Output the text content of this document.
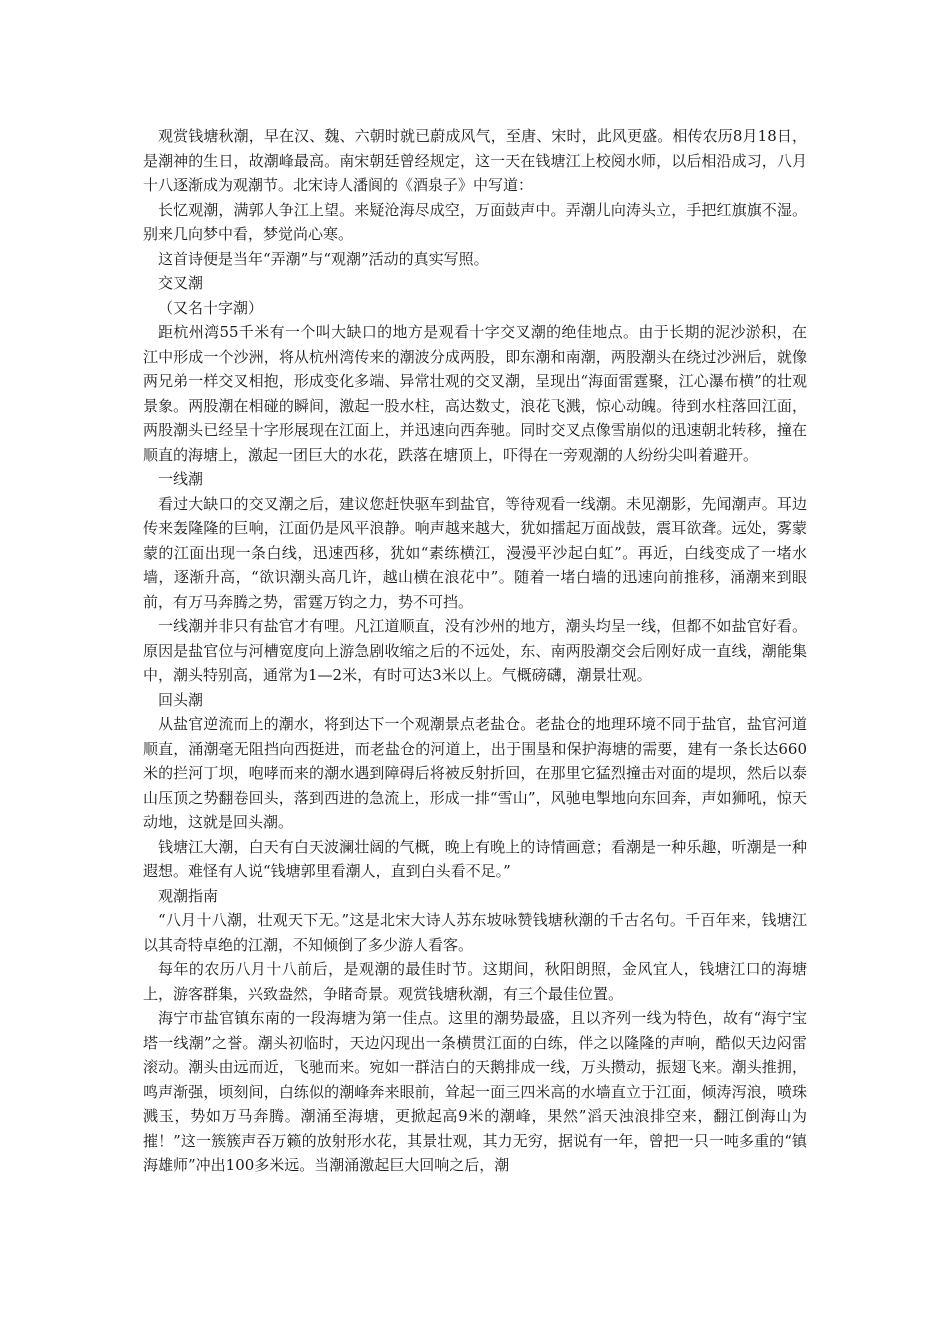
观赏钱塘秋潮，早在汉、魏、六朝时就已蔚成风气，至唐、宋时，此风更盛。相传农历8月18日，是潮神的生日，故潮峰最高。南宋朝廷曾经规定，这一天在钱塘江上校阅水师，以后相沿成习，八月十八逐渐成为观潮节。北宋诗人潘阆的《酒泉子》中写道：

长忆观潮，满郭人争江上望。来疑沧海尽成空，万面鼓声中。弄潮儿向涛头立，手把红旗旗不湿。别来几向梦中看，梦觉尚心寒。

这首诗便是当年“弄潮”与“观潮”活动的真实写照。

交叉潮

（又名十字潮）

距杭州湾55千米有一个叫大缺口的地方是观看十字交叉潮的绝佳地点。由于长期的泥沙淤积，在江中形成一个沙洲，将从杭州湾传来的潮波分成两股，即东潮和南潮，两股潮头在绕过沙洲后，就像两兄弟一样交叉相抱，形成变化多端、异常壮观的交叉潮，呈现出“海面雷霆聚，江心瀑布横”的壮观景象。两股潮在相碰的瞬间，激起一股水柱，高达数丈，浪花飞溅，惊心动魄。待到水柱落回江面，两股潮头已经呈十字形展现在江面上，并迅速向西奔驰。同时交叉点像雪崩似的迅速朝北转移，撞在顺直的海塘上，激起一团巨大的水花，跌落在塘顶上，吓得在一旁观潮的人纷纷尖叫着避开。

一线潮

看过大缺口的交叉潮之后，建议您赶快驱车到盐官，等待观看一线潮。未见潮影，先闻潮声。耳边传来轰隆隆的巨响，江面仍是风平浪静。响声越来越大，犹如擂起万面战鼓，震耳欲聋。远处，雾蒙蒙的江面出现一条白线，迅速西移，犹如“素练横江，漫漫平沙起白虹”。再近，白线变成了一堵水墙，逐渐升高，“欲识潮头高几许，越山横在浪花中”。随着一堵白墙的迅速向前推移，涌潮来到眼前，有万马奔腾之势，雷霆万钧之力，势不可挡。

一线潮并非只有盐官才有哩。凡江道顺直，没有沙州的地方，潮头均呈一线，但都不如盐官好看。原因是盐官位与河槽宽度向上游急剧收缩之后的不远处，东、南两股潮交会后刚好成一直线，潮能集中，潮头特别高，通常为1—2米，有时可达3米以上。气概磅礴，潮景壮观。

回头潮

从盐官逆流而上的潮水，将到达下一个观潮景点老盐仓。老盐仓的地理环境不同于盐官，盐官河道顺直，涌潮毫无阻挡向西挺进，而老盐仓的河道上，出于围垦和保护海塘的需要，建有一条长达660米的拦河丁坝，咆哮而来的潮水遇到障碍后将被反射折回，在那里它猛烈撞击对面的堤坝，然后以泰山压顶之势翻卷回头，落到西进的急流上，形成一排“雪山”，风驰电掣地向东回奔，声如狮吼，惊天动地，这就是回头潮。

钱塘江大潮，白天有白天波澜壮阔的气概，晚上有晚上的诗情画意；看潮是一种乐趣，听潮是一种遐想。难怪有人说“钱塘郭里看潮人，直到白头看不足。”

观潮指南

“八月十八潮，壮观天下无。”这是北宋大诗人苏东坡咏赞钱塘秋潮的千古名句。千百年来，钱塘江以其奇特卓绝的江潮，不知倾倒了多少游人看客。

每年的农历八月十八前后，是观潮的最佳时节。这期间，秋阳朗照，金风宜人，钱塘江口的海塘上，游客群集，兴致盎然，争睹奇景。观赏钱塘秋潮，有三个最佳位置。

海宁市盐官镇东南的一段海塘为第一佳点。这里的潮势最盛，且以齐列一线为特色，故有“海宁宝塔一线潮”之誉。潮头初临时，天边闪现出一条横贯江面的白练，伴之以隆隆的声响，酷似天边闷雷滚动。潮头由远而近，飞驰而来。宛如一群洁白的天鹅排成一线，万头攒动，振翅飞来。潮头推拥，鸣声渐强，顷刻间，白练似的潮峰奔来眼前，耸起一面三四米高的水墙直立于江面，倾涛泻浪，喷珠溅玉，势如万马奔腾。潮涌至海塘，更掀起高9米的潮峰，果然”滔天浊浪排空来，翻江倒海山为摧！”这一簇簇声吞万籁的放射形水花，其景壮观，其力无穷，据说有一年，曾把一只一吨多重的“镇海雄师”冲出100多米远。当潮涌激起巨大回响之后，潮
